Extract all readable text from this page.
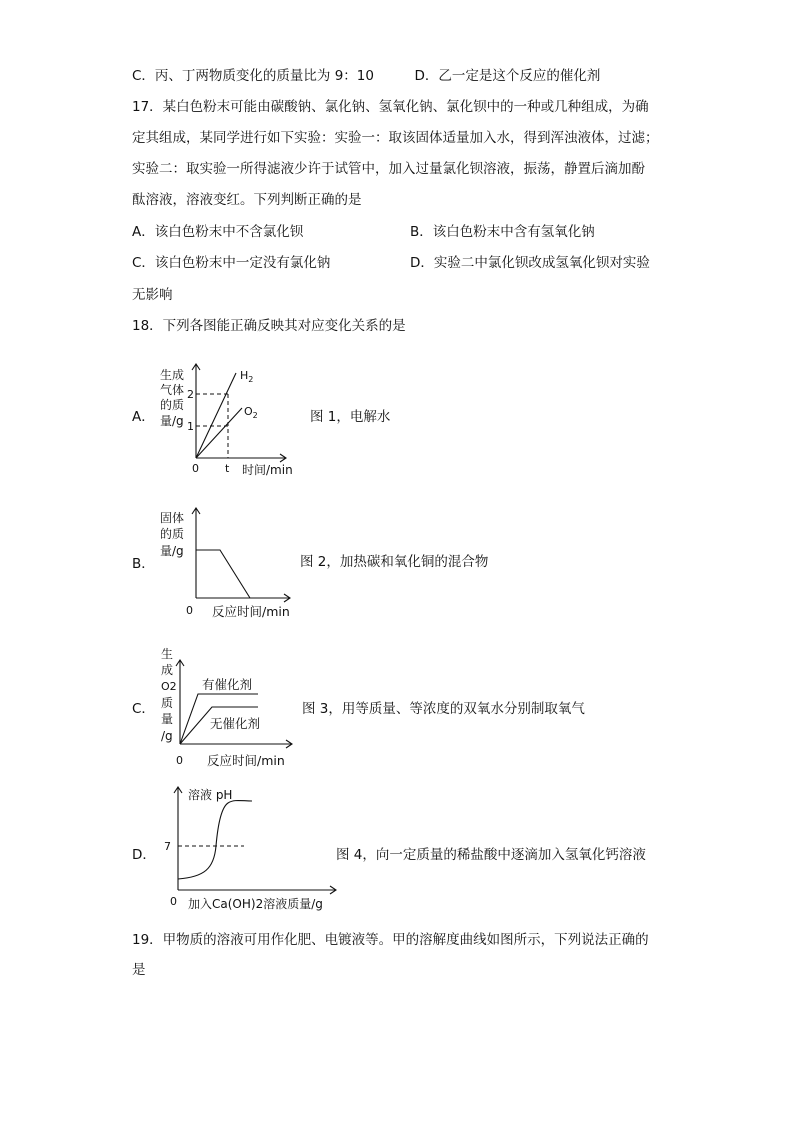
C．丙、丁两物质变化的质量比为 9：10　　　D．乙一定是这个反应的催化剂
17．某白色粉末可能由碳酸钠、氯化钠、氢氧化钠、氯化钡中的一种或几种组成，为确
定其组成，某同学进行如下实验：实验一：取该固体适量加入水，得到浑浊液体，过滤；
实验二：取实验一所得滤液少许于试管中，加入过量氯化钡溶液，振荡，静置后滴加酚
酞溶液，溶液变红。下列判断正确的是
A．该白色粉末中不含氯化钡	B．该白色粉末中含有氢氧化钠
C．该白色粉末中一定没有氯化钠	D．实验二中氯化钡改成氢氧化钡对实验
无影响
18．下列各图能正确反映其对应变化关系的是
A．
生成
气体
的质
量/g
2
1
0 t 时间/min
$H_2$
$O_2$	图 1，电解水
B．
固体
的质
量/g
0 反应时间/min
图 2，加热碳和氧化铜的混合物
C．
生
成
O2
质
量
/g
有催化剂
无催化剂
0 反应时间/min
图 3，用等质量、等浓度的双氧水分别制取氧气
D．
溶液 pH
7
0 加入Ca(OH)2溶液质量/g
图 4，向一定质量的稀盐酸中逐滴加入氢氧化钙溶液
19．甲物质的溶液可用作化肥、电镀液等。甲的溶解度曲线如图所示，下列说法正确的
是
